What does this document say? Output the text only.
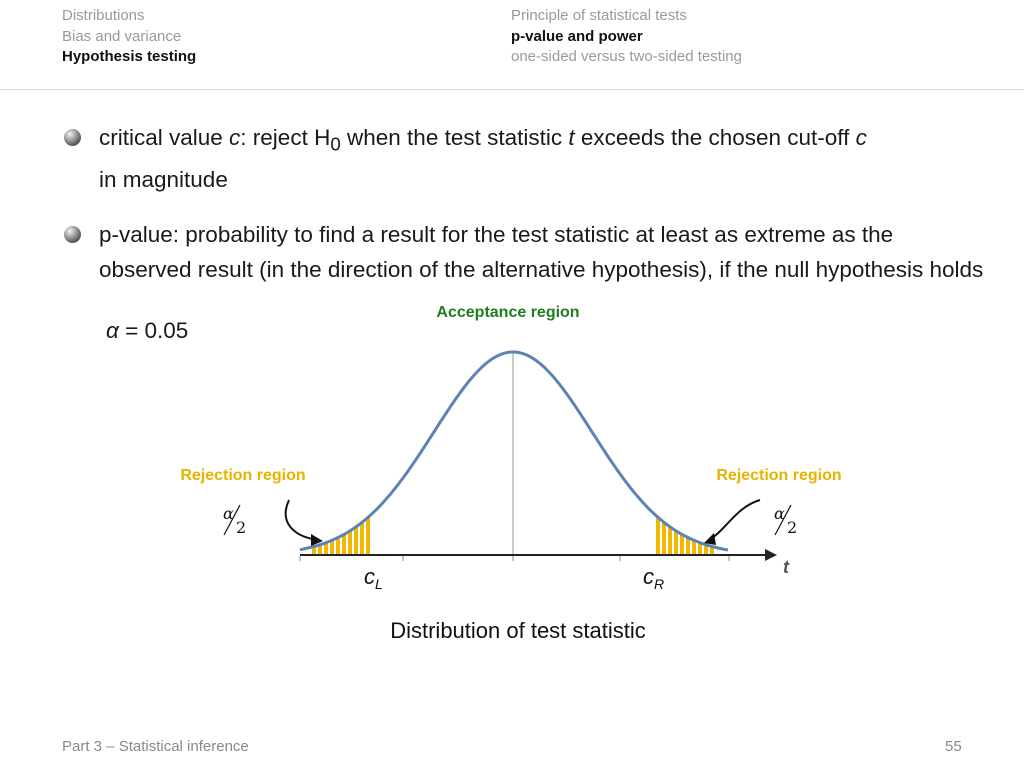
Distributions
Bias and variance
Hypothesis testing
Principle of statistical tests
p-value and power
one-sided versus two-sided testing
critical value c: reject $H_0$ when the test statistic t exceeds the chosen cut-off c
in magnitude
p-value: probability to find a result for the test statistic at least as extreme as the observed result (in the direction of the alternative hypothesis), if the null hypothesis holds
α = 0.05
Acceptance region
Rejection region	Rejection region
α
2
α
2
$c_L$	$c_R$
t
Distribution of test statistic
Part 3 – Statistical inference	55
